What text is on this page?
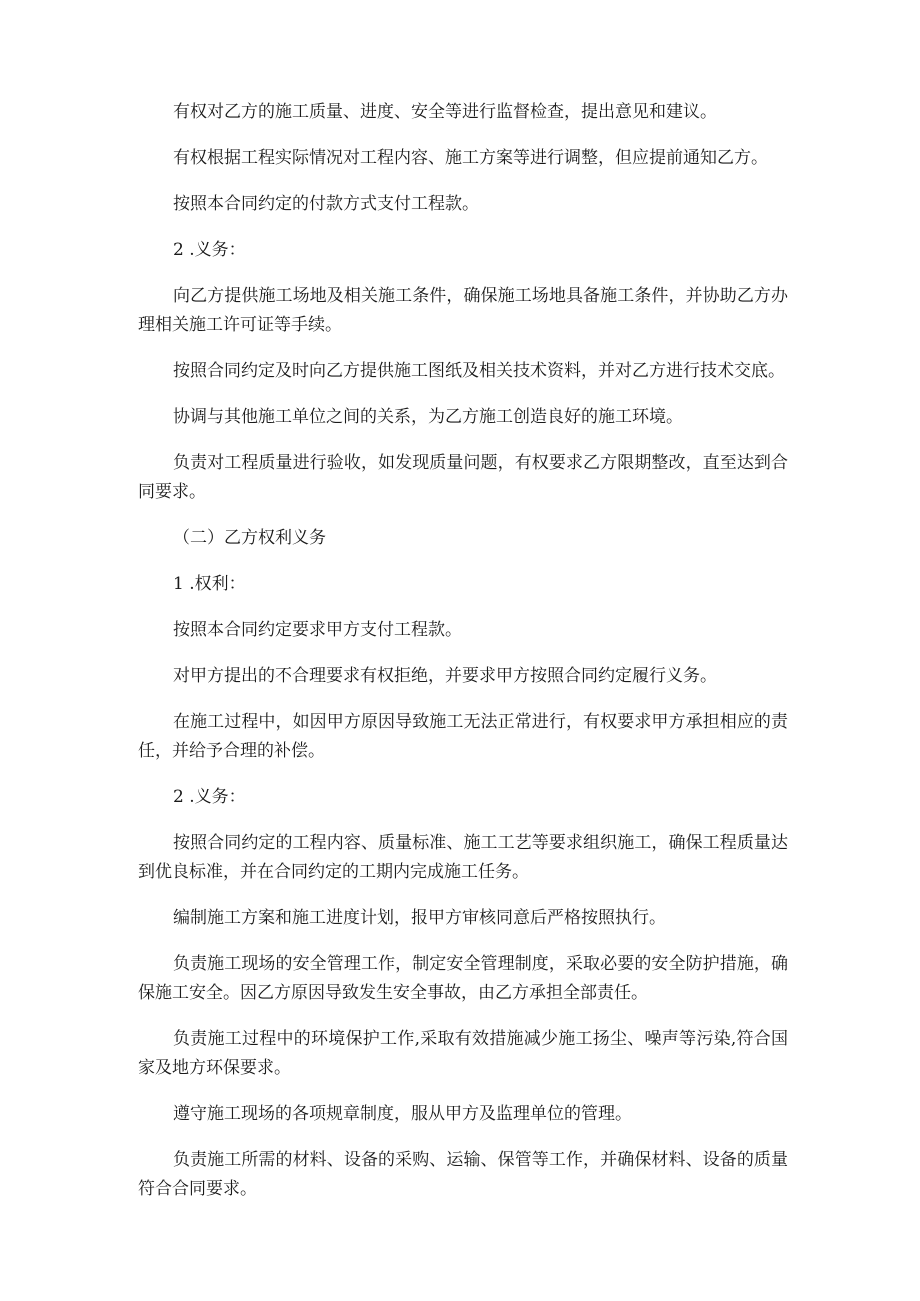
有权对乙方的施工质量、进度、安全等进行监督检查，提出意见和建议。

有权根据工程实际情况对工程内容、施工方案等进行调整，但应提前通知乙方。

按照本合同约定的付款方式支付工程款。

2 .义务：

向乙方提供施工场地及相关施工条件，确保施工场地具备施工条件，并协助乙方办理相关施工许可证等手续。

按照合同约定及时向乙方提供施工图纸及相关技术资料，并对乙方进行技术交底。

协调与其他施工单位之间的关系，为乙方施工创造良好的施工环境。

负责对工程质量进行验收，如发现质量问题，有权要求乙方限期整改，直至达到合同要求。

（二）乙方权利义务

1 .权利：

按照本合同约定要求甲方支付工程款。

对甲方提出的不合理要求有权拒绝，并要求甲方按照合同约定履行义务。

在施工过程中，如因甲方原因导致施工无法正常进行，有权要求甲方承担相应的责任，并给予合理的补偿。

2 .义务：

按照合同约定的工程内容、质量标准、施工工艺等要求组织施工，确保工程质量达到优良标准，并在合同约定的工期内完成施工任务。

编制施工方案和施工进度计划，报甲方审核同意后严格按照执行。

负责施工现场的安全管理工作，制定安全管理制度，采取必要的安全防护措施，确保施工安全。因乙方原因导致发生安全事故，由乙方承担全部责任。

负责施工过程中的环境保护工作,采取有效措施减少施工扬尘、噪声等污染,符合国家及地方环保要求。

遵守施工现场的各项规章制度，服从甲方及监理单位的管理。

负责施工所需的材料、设备的采购、运输、保管等工作，并确保材料、设备的质量符合合同要求。
